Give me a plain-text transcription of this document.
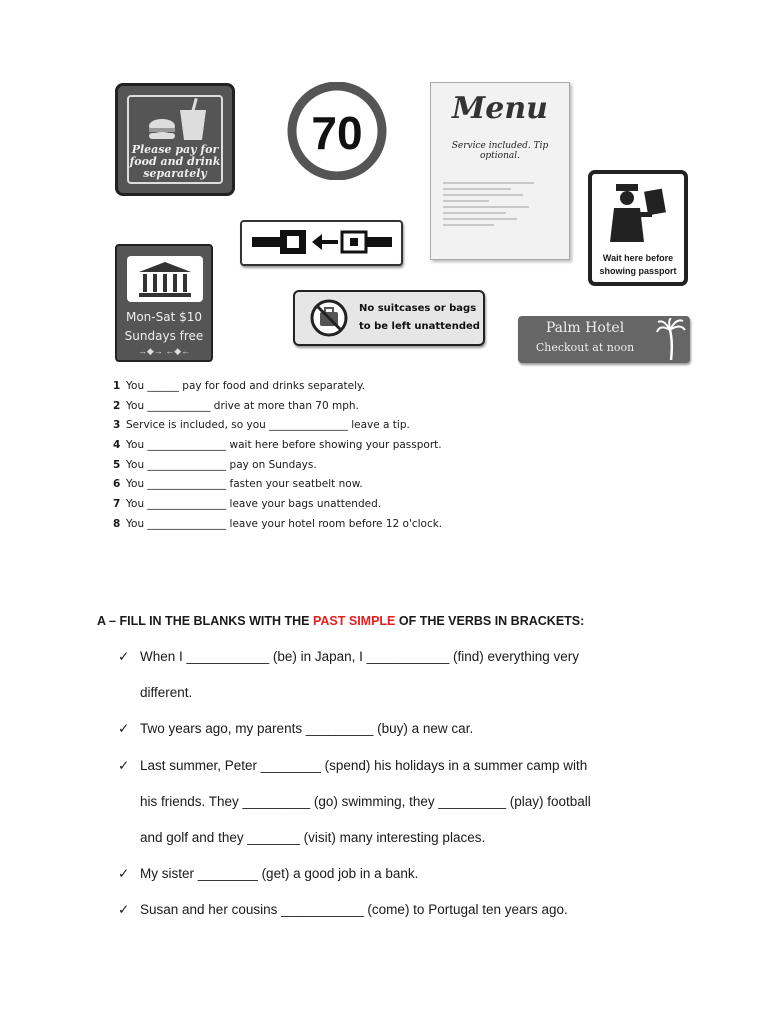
Please pay for food and drink separately
70	Menu
Service included. Tip optional.
Wait here before showing passport
Mon-Sat $10
Sundays free
→◆→ ←◆←
No suitcases or bags
to be left unattended	Palm Hotel
Checkout at noon
1 You ______ pay for food and drinks separately.
2 You ____________ drive at more than 70 mph.
3 Service is included, so you _______________ leave a tip.
4 You _______________ wait here before showing your passport.
5 You _______________ pay on Sundays.
6 You _______________ fasten your seatbelt now.
7 You _______________ leave your bags unattended.
8 You _______________ leave your hotel room before 12 o'clock.
A – FILL IN THE BLANKS WITH THE PAST SIMPLE OF THE VERBS IN BRACKETS:
✓ When I ___________ (be) in Japan, I ___________ (find) everything very
different.
✓ Two years ago, my parents _________ (buy) a new car.
✓ Last summer, Peter ________ (spend) his holidays in a summer camp with
his friends. They _________ (go) swimming, they _________ (play) football
and golf and they _______ (visit) many interesting places.
✓ My sister ________ (get) a good job in a bank.
✓ Susan and her cousins ___________ (come) to Portugal ten years ago.
